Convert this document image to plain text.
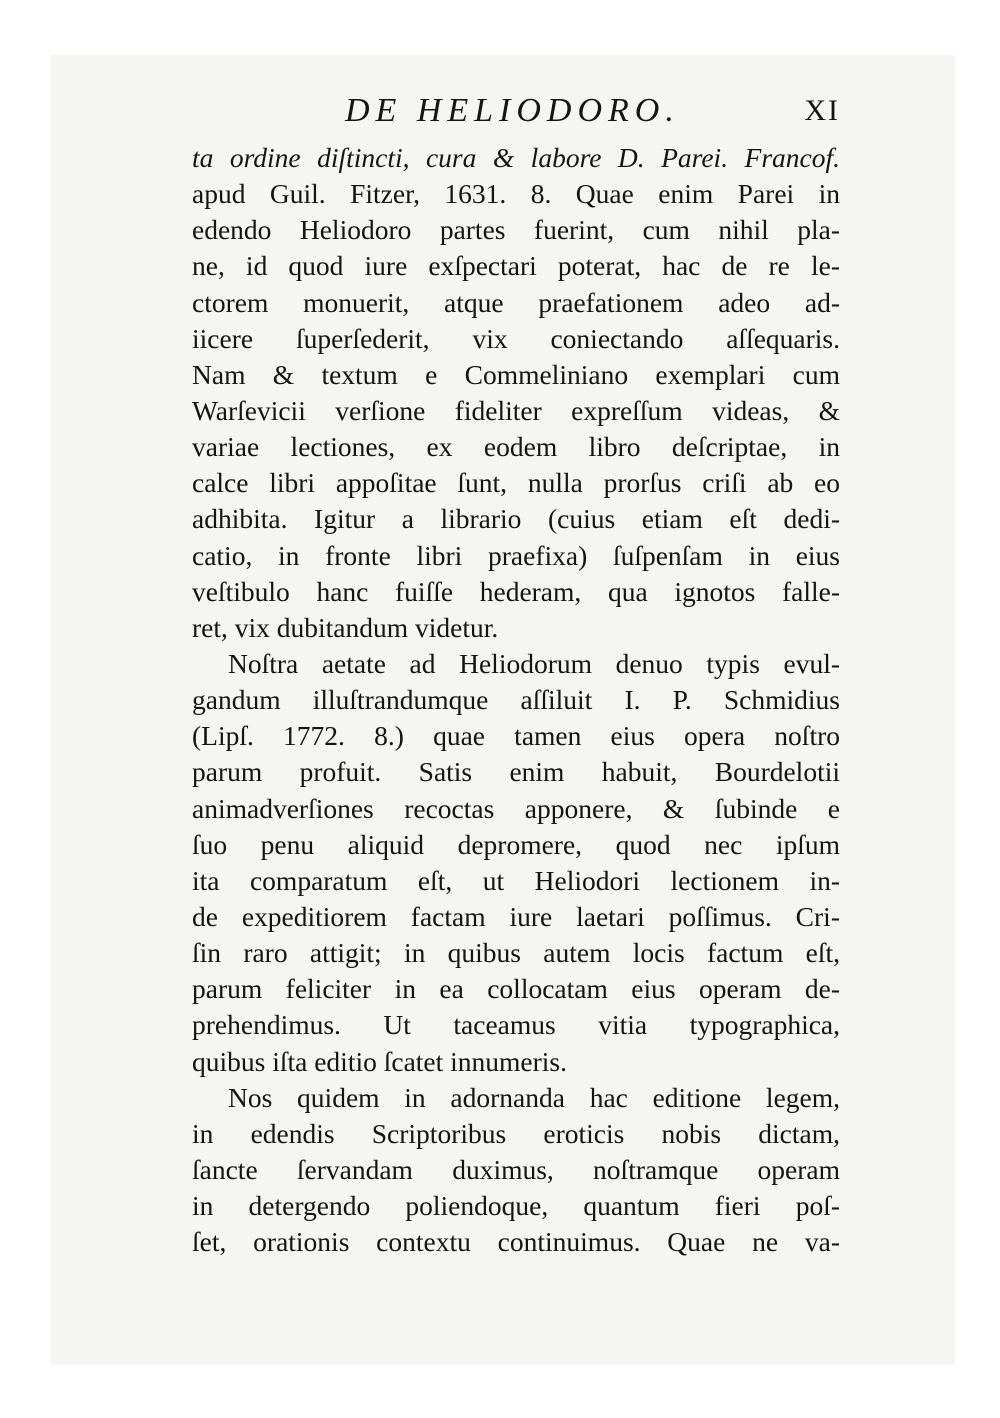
DE HELIODORO.	XI
ta ordine diſtincti, cura & labore D. Parei. Francof.
apud Guil. Fitzer, 1631. 8. Quae enim Parei in
edendo Heliodoro partes fuerint, cum nihil pla-
ne, id quod iure exſpectari poterat, hac de re le-
ctorem monuerit, atque praefationem adeo ad-
iicere ſuperſederit, vix coniectando aſſequaris.
Nam & textum e Commeliniano exemplari cum
Warſevicii verſione fideliter expreſſum videas, &
variae lectiones, ex eodem libro deſcriptae, in
calce libri appoſitae ſunt, nulla prorſus criſi ab eo
adhibita. Igitur a librario (cuius etiam eſt dedi-
catio, in fronte libri praefixa) ſuſpenſam in eius
veſtibulo hanc fuiſſe hederam, qua ignotos falle-
ret, vix dubitandum videtur.
Noſtra aetate ad Heliodorum denuo typis evul-
gandum illuſtrandumque aſſiluit I. P. Schmidius
(Lipſ. 1772. 8.) quae tamen eius opera noſtro
parum profuit. Satis enim habuit, Bourdelotii
animadverſiones recoctas apponere, & ſubinde e
ſuo penu aliquid depromere, quod nec ipſum
ita comparatum eſt, ut Heliodori lectionem in-
de expeditiorem factam iure laetari poſſimus. Cri-
ſin raro attigit; in quibus autem locis factum eſt,
parum feliciter in ea collocatam eius operam de-
prehendimus. Ut taceamus vitia typographica,
quibus iſta editio ſcatet innumeris.
Nos quidem in adornanda hac editione legem,
in edendis Scriptoribus eroticis nobis dictam,
ſancte ſervandam duximus, noſtramque operam
in detergendo poliendoque, quantum fieri poſ-
ſet, orationis contextu continuimus. Quae ne va-
